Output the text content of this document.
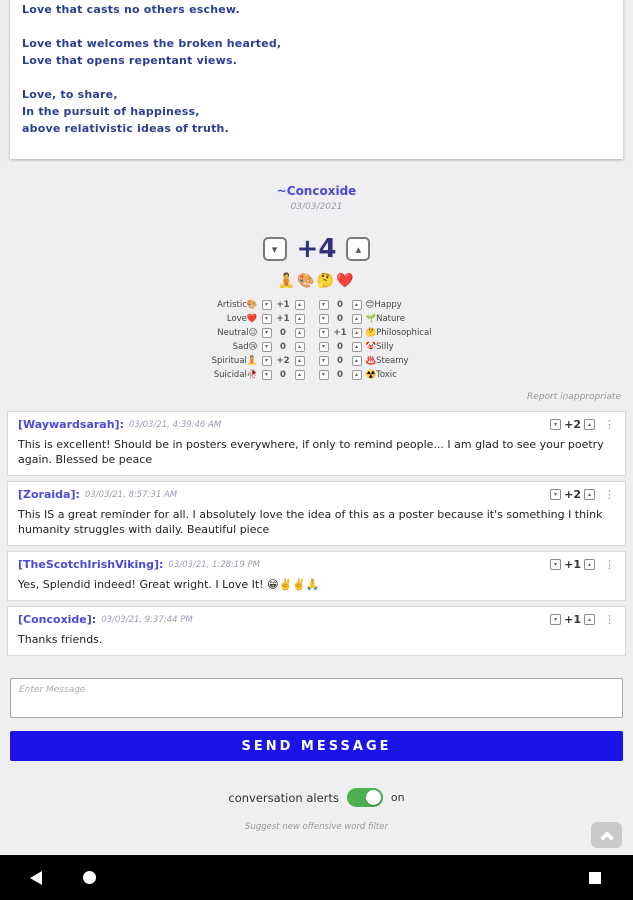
Love that casts no others eschew.
Love that welcomes the broken hearted,
Love that opens repentant views.
Love, to share,
In the pursuit of happiness,
above relativistic ideas of truth.
~Concoxide
03/03/2021
▾ +4 ▴
🧘🎨🤔❤️
Artistic🎨	▾ +1	▴	▾	0	▴ 😊Happy
Love❤️	▾ +1	▴	▾	0	▴ 🌱Nature
Neutral😐	▾	0	▴	▾ +1	▴ 🤔Philosophical
Sad😢	▾	0	▴	▾	0	▴ 🤡Silly
Spiritual🧘	▾ +2	▴	▾	0	▴ ♨️Steamy
Suicidal🥀	▾	0	▴	▾	0	▴ ☢️Toxic
Report inappropriate
[Waywardsarah]: 03/03/21, 4:39:46 AM	▾ +2	▴	⋮
This is excellent! Should be in posters everywhere, if only to remind people... I am glad to see your poetry again. Blessed be peace
[Zoraida]: 03/03/21, 8:57:31 AM	▾ +2	▴	⋮
This IS a great reminder for all. I absolutely love the idea of this as a poster because it's something I think humanity struggles with daily. Beautiful piece
[TheScotchIrishViking]: 03/03/21, 1:28:19 PM	▾ +1	▴	⋮
Yes, Splendid indeed! Great wright. I Love It! 😁✌️✌️🙏
[Concoxide]: 03/03/21, 9:37:44 PM	▾ +1	▴	⋮
Thanks friends.
Enter Message
SEND MESSAGE
conversation alerts	on
Suggest new offensive word filter
